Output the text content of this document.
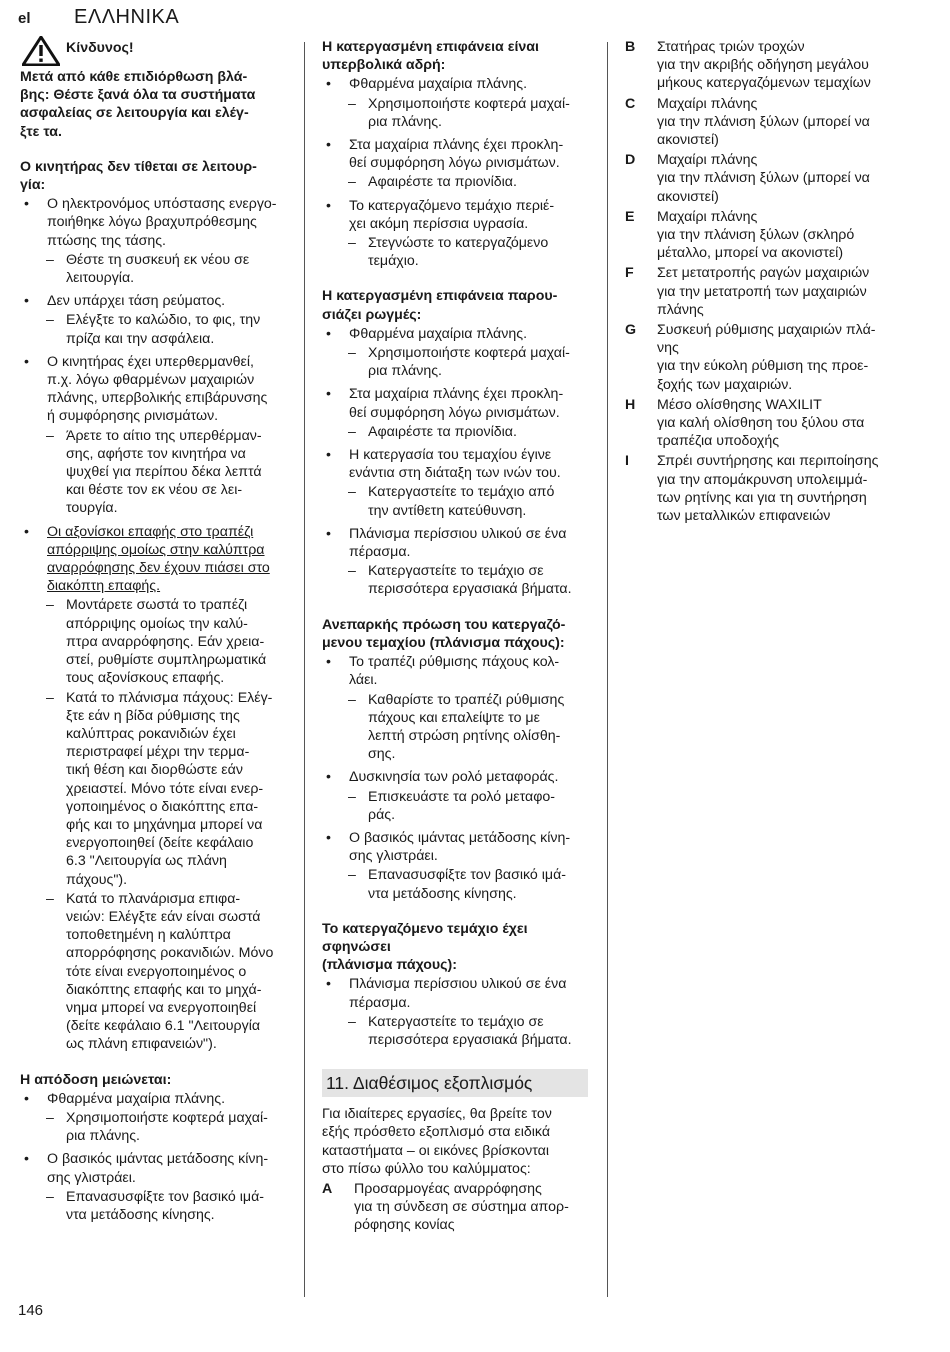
el ΕΛΛΗΝΙΚΑ
Κίνδυνος!
Μετά από κάθε επιδιόρθωση βλά-
βης: Θέστε ξανά όλα τα συστήματα
ασφαλείας σε λειτουργία και ελέγ-
ξτε τα.
Ο κινητήρας δεν τίθεται σε λειτουρ-
γία:
• Ο ηλεκτρονόμος υπόστασης ενεργο-
ποιήθηκε λόγω βραχυπρόθεσμης
πτώσης της τάσης.
– Θέστε τη συσκευή εκ νέου σε
λειτουργία.
• Δεν υπάρχει τάση ρεύματος.
– Ελέγξτε το καλώδιο, το φις, την
πρίζα και την ασφάλεια.
• Ο κινητήρας έχει υπερθερμανθεί,
π.χ. λόγω φθαρμένων μαχαιριών
πλάνης, υπερβολικής επιβάρυνσης
ή συμφόρησης ρινισμάτων.
– Άρετε το αίτιο της υπερθέρμαν-
σης, αφήστε τον κινητήρα να
ψυχθεί για περίπου δέκα λεπτά
και θέστε τον εκ νέου σε λει-
τουργία.
• Οι αξονίσκοι επαφής στο τραπέζι
απόρριψης ομοίως στην καλύπτρα
αναρρόφησης δεν έχουν πιάσει στο
διακόπτη επαφής.
– Μοντάρετε σωστά το τραπέζι
απόρριψης ομοίως την καλύ-
πτρα αναρρόφησης. Εάν χρεια-
στεί, ρυθμίστε συμπληρωματικά
τους αξονίσκους επαφής.
– Κατά το πλάνισμα πάχους: Ελέγ-
ξτε εάν η βίδα ρύθμισης της
καλύπτρας ροκανιδιών έχει
περιστραφεί μέχρι την τερμα-
τική θέση και διορθώστε εάν
χρειαστεί. Μόνο τότε είναι ενερ-
γοποιημένος ο διακόπτης επα-
φής και το μηχάνημα μπορεί να
ενεργοποιηθεί (δείτε κεφάλαιο
6.3 "Λειτουργία ως πλάνη
πάχους").
– Κατά το πλανάρισμα επιφα-
νειών: Ελέγξτε εάν είναι σωστά
τοποθετημένη η καλύπτρα
απορρόφησης ροκανιδιών. Μόνο
τότε είναι ενεργοποιημένος ο
διακόπτης επαφής και το μηχά-
νημα μπορεί να ενεργοποιηθεί
(δείτε κεφάλαιο 6.1 "Λειτουργία
ως πλάνη επιφανειών").
Η απόδοση μειώνεται:
• Φθαρμένα μαχαίρια πλάνης.
– Χρησιμοποιήστε κοφτερά μαχαί-
ρια πλάνης.
• Ο βασικός ιμάντας μετάδοσης κίνη-
σης γλιστράει.
– Επανασυσφίξτε τον βασικό ιμά-
ντα μετάδοσης κίνησης.
Η κατεργασμένη επιφάνεια είναι
υπερβολικά αδρή:
• Φθαρμένα μαχαίρια πλάνης.
– Χρησιμοποιήστε κοφτερά μαχαί-
ρια πλάνης.
• Στα μαχαίρια πλάνης έχει προκλη-
θεί συμφόρηση λόγω ρινισμάτων.
– Αφαιρέστε τα πριονίδια.
• Το κατεργαζόμενο τεμάχιο περιέ-
χει ακόμη περίσσια υγρασία.
– Στεγνώστε το κατεργαζόμενο
τεμάχιο.
Η κατεργασμένη επιφάνεια παρου-
σιάζει ρωγμές:
• Φθαρμένα μαχαίρια πλάνης.
– Χρησιμοποιήστε κοφτερά μαχαί-
ρια πλάνης.
• Στα μαχαίρια πλάνης έχει προκλη-
θεί συμφόρηση λόγω ρινισμάτων.
– Αφαιρέστε τα πριονίδια.
• Η κατεργασία του τεμαχίου έγινε
ενάντια στη διάταξη των ινών του.
– Κατεργαστείτε το τεμάχιο από
την αντίθετη κατεύθυνση.
• Πλάνισμα περίσσιου υλικού σε ένα
πέρασμα.
– Κατεργαστείτε το τεμάχιο σε
περισσότερα εργασιακά βήματα.
Ανεπαρκής πρόωση του κατεργαζό-
μενου τεμαχίου (πλάνισμα πάχους):
• Το τραπέζι ρύθμισης πάχους κολ-
λάει.
– Καθαρίστε το τραπέζι ρύθμισης
πάχους και επαλείψτε το με
λεπτή στρώση ρητίνης ολίσθη-
σης.
• Δυσκινησία των ρολό μεταφοράς.
– Επισκευάστε τα ρολό μεταφο-
ράς.
• Ο βασικός ιμάντας μετάδοσης κίνη-
σης γλιστράει.
– Επανασυσφίξτε τον βασικό ιμά-
ντα μετάδοσης κίνησης.
Το κατεργαζόμενο τεμάχιο έχει
σφηνώσει
(πλάνισμα πάχους):
• Πλάνισμα περίσσιου υλικού σε ένα
πέρασμα.
– Κατεργαστείτε το τεμάχιο σε
περισσότερα εργασιακά βήματα.
11. Διαθέσιμος εξοπλισμός
Για ιδιαίτερες εργασίες, θα βρείτε τον
εξής πρόσθετο εξοπλισμό στα ειδικά
καταστήματα – οι εικόνες βρίσκονται
στο πίσω φύλλο του καλύμματος:
A Προσαρμογέας αναρρόφησης
για τη σύνδεση σε σύστημα απορ-
ρόφησης κονίας
B Στατήρας τριών τροχών
για την ακριβής οδήγηση μεγάλου
μήκους κατεργαζόμενων τεμαχίων
C Μαχαίρι πλάνης
για την πλάνιση ξύλων (μπορεί να
ακονιστεί)
D Μαχαίρι πλάνης
για την πλάνιση ξύλων (μπορεί να
ακονιστεί)
E Μαχαίρι πλάνης
για την πλάνιση ξύλων (σκληρό
μέταλλο, μπορεί να ακονιστεί)
F Σετ μετατροπής ραγών μαχαιριών
για την μετατροπή των μαχαιριών
πλάνης
G Συσκευή ρύθμισης μαχαιριών πλά-
νης
για την εύκολη ρύθμιση της προε-
ξοχής των μαχαιριών.
H Μέσο ολίσθησης WAXILIT
για καλή ολίσθηση του ξύλου στα
τραπέζια υποδοχής
I Σπρέι συντήρησης και περιποίησης
για την απομάκρυνση υπολειμμά-
των ρητίνης και για τη συντήρηση
των μεταλλικών επιφανειών
146
